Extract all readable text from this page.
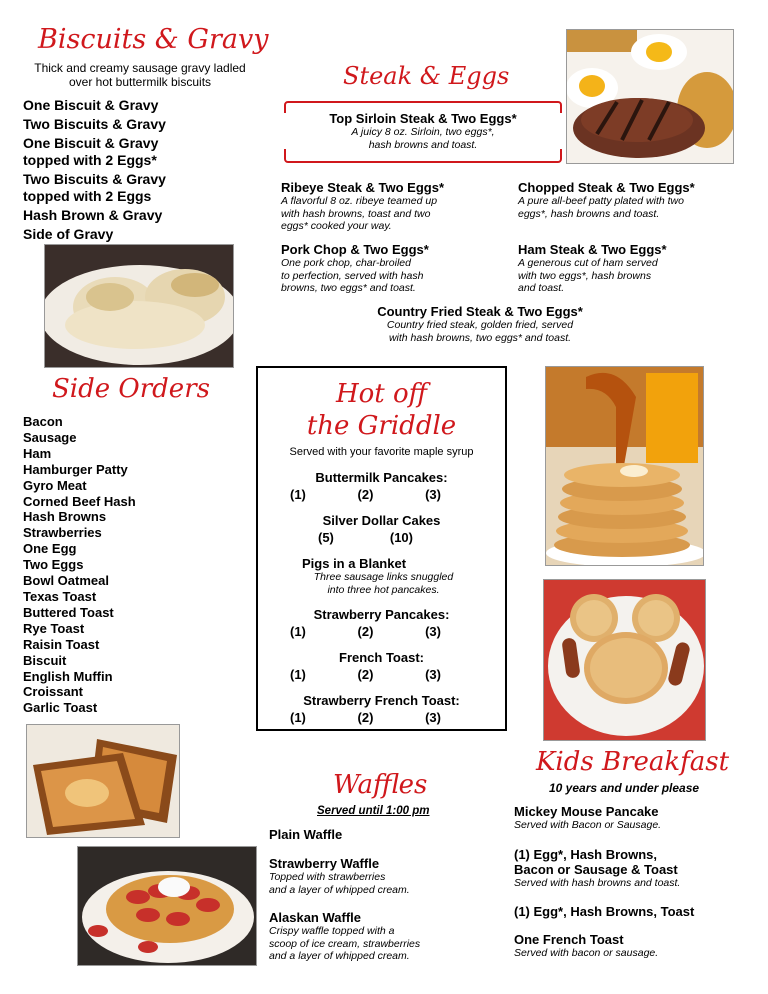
Biscuits & Gravy
Thick and creamy sausage gravy ladled
over hot buttermilk biscuits
One Biscuit & Gravy
Two Biscuits & Gravy
One Biscuit & Gravy
topped with 2 Eggs*
Two Biscuits & Gravy
topped with 2 Eggs
Hash Brown & Gravy
Side of Gravy
Steak & Eggs
Top Sirloin Steak & Two Eggs*
A juicy 8 oz. Sirloin, two eggs*,
hash browns and toast.
Ribeye Steak & Two Eggs*
A flavorful 8 oz. ribeye teamed up
with hash browns, toast and two
eggs* cooked your way.
Chopped Steak & Two Eggs*
A pure all-beef patty plated with two
eggs*, hash browns and toast.
Pork Chop & Two Eggs*
One pork chop, char-broiled
to perfection, served with hash
browns, two eggs* and toast.
Ham Steak & Two Eggs*
A generous cut of ham served
with two eggs*, hash browns
and toast.
Country Fried Steak & Two Eggs*
Country fried steak, golden fried, served
with hash browns, two eggs* and toast.
Side Orders
Bacon
Sausage
Ham
Hamburger Patty
Gyro Meat
Corned Beef Hash
Hash Browns
Strawberries
One Egg
Two Eggs
Bowl Oatmeal
Texas Toast
Buttered Toast
Rye Toast
Raisin Toast
Biscuit
English Muffin
Croissant
Garlic Toast
Hot off
the Griddle
Served with your favorite maple syrup
Buttermilk Pancakes:
(1)	(2)	(3)
Silver Dollar Cakes
(5)	(10)
Pigs in a Blanket
Three sausage links snuggled
into three hot pancakes.
Strawberry Pancakes:
(1)	(2)	(3)
French Toast:
(1)	(2)	(3)
Strawberry French Toast:
(1)	(2)	(3)
Waffles
Served until 1:00 pm
Plain Waffle
Strawberry Waffle
Topped with strawberries
and a layer of whipped cream.
Alaskan Waffle
Crispy waffle topped with a
scoop of ice cream, strawberries
and a layer of whipped cream.
Kids Breakfast
10 years and under please
Mickey Mouse Pancake
Served with Bacon or Sausage.
(1) Egg*, Hash Browns,
Bacon or Sausage & Toast
Served with hash browns and toast.
(1) Egg*, Hash Browns, Toast
One French Toast
Served with bacon or sausage.
